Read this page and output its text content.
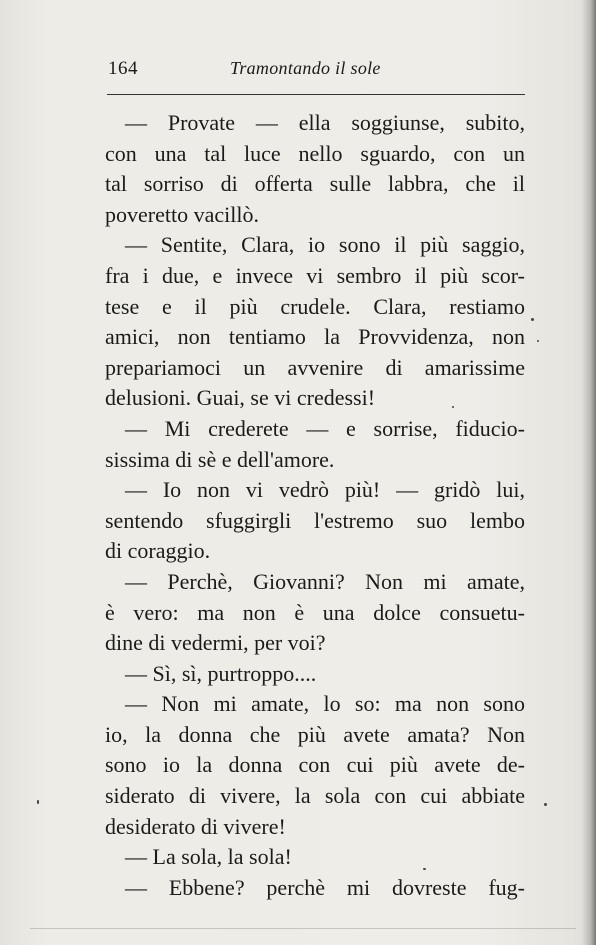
164	Tramontando il sole
— Provate — ella soggiunse, subito,
con una tal luce nello sguardo, con un
tal sorriso di offerta sulle labbra, che il
poveretto vacillò.
— Sentite, Clara, io sono il più saggio,
fra i due, e invece vi sembro il più scor-
tese e il più crudele. Clara, restiamo
amici, non tentiamo la Provvidenza, non
prepariamoci un avvenire di amarissime
delusioni. Guai, se vi credessi!
— Mi crederete — e sorrise, fiducio-
sissima di sè e dell'amore.
— Io non vi vedrò più! — gridò lui,
sentendo sfuggirgli l'estremo suo lembo
di coraggio.
— Perchè, Giovanni? Non mi amate,
è vero: ma non è una dolce consuetu-
dine di vedermi, per voi?
— Sì, sì, purtroppo....
— Non mi amate, lo so: ma non sono
io, la donna che più avete amata? Non
sono io la donna con cui più avete de-
siderato di vivere, la sola con cui abbiate
desiderato di vivere!
— La sola, la sola!
— Ebbene? perchè mi dovreste fug-
